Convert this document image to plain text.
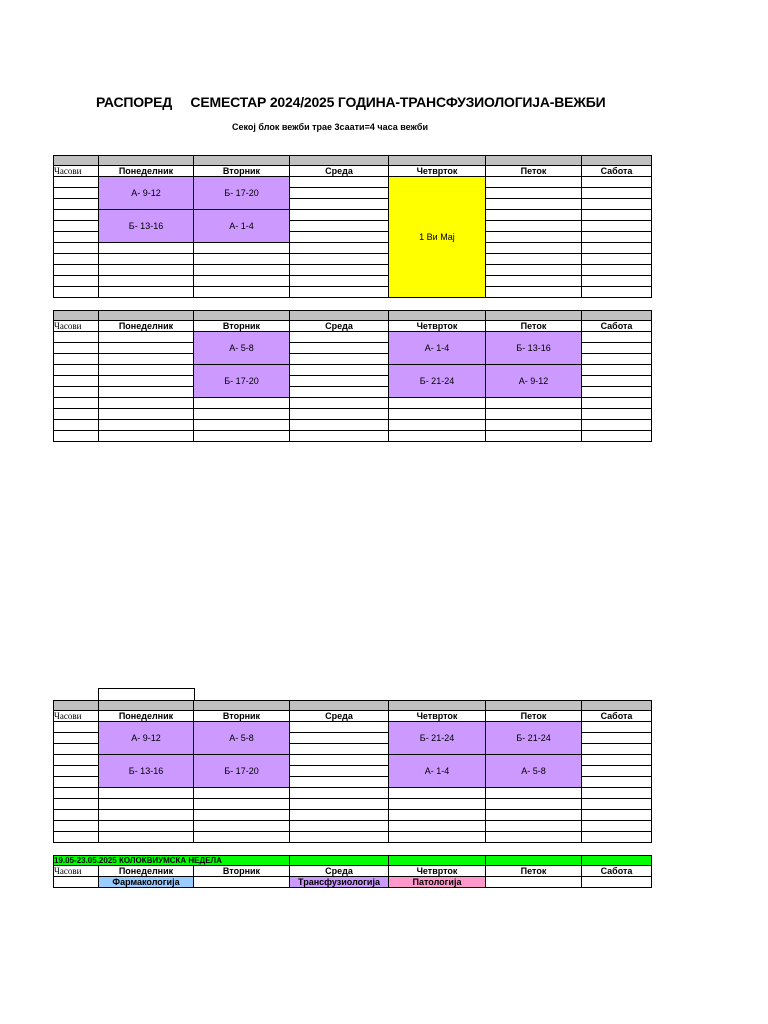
РАСПОРЕД     СЕМЕСТАР 2024/2025 ГОДИНА-ТРАНСФУЗИОЛОГИЈА-ВЕЖБИ
Секој блок вежби трае 3саати=4 часа вежби

Часови	Понеделник	Вторник	Среда	Четврток	Петок	Сабота
	А- 9-12	Б- 17-20		1 Ви Мај		

	Б- 13-16	А- 1-4				

Часови	Понеделник	Вторник	Среда	Четврток	Петок	Сабота
		А- 5-8		А- 1-4	Б- 13-16	

		Б- 17-20		Б- 21-24	А- 9-12	

Часови	Понеделник	Вторник	Среда	Четврток	Петок	Сабота
	А- 9-12	А- 5-8		Б- 21-24	Б- 21-24	

	Б- 13-16	Б- 17-20		А- 1-4	А- 5-8	

19.05-23.05.2025 КОЛОКВИУМСКА НЕДЕЛА						
Часови	Понеделник	Вторник	Среда	Четврток	Петок	Сабота
	Фармакологија		Трансфузиологија	Патологија		
